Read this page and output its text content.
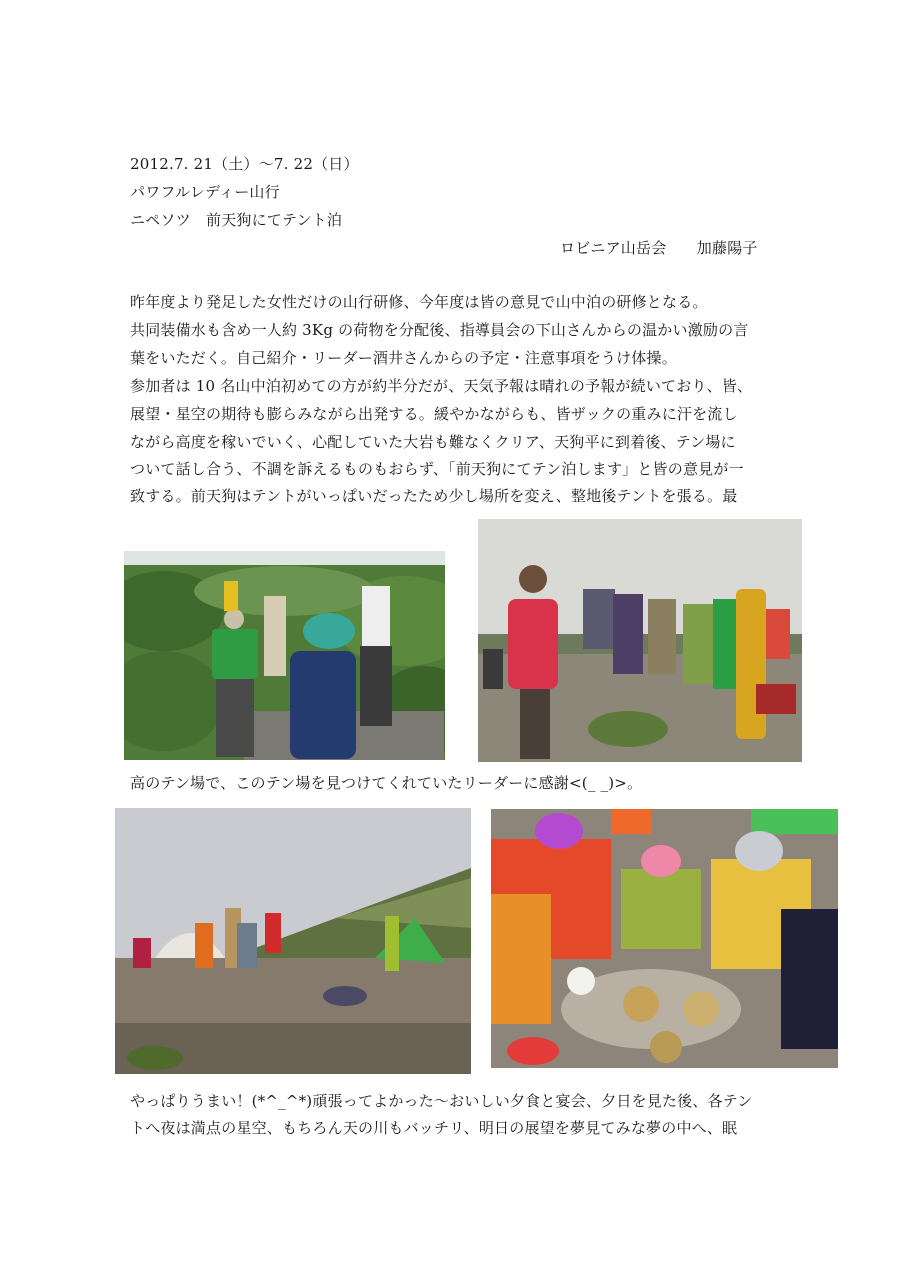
2012.7. 21（土）～7. 22（日）
パワフルレディー山行
ニペソツ　前天狗にてテント泊
ロビニア山岳会　　加藤陽子
昨年度より発足した女性だけの山行研修、今年度は皆の意見で山中泊の研修となる。
共同装備水も含め一人約 3Kg の荷物を分配後、指導員会の下山さんからの温かい激励の言
葉をいただく。自己紹介・リーダー酒井さんからの予定・注意事項をうけ体操。
参加者は 10 名山中泊初めての方が約半分だが、天気予報は晴れの予報が続いており、皆、
展望・星空の期待も膨らみながら出発する。緩やかながらも、皆ザックの重みに汗を流し
ながら高度を稼いでいく、心配していた大岩も難なくクリア、天狗平に到着後、テン場に
ついて話し合う、不調を訴えるものもおらず、「前天狗にてテン泊します」と皆の意見が一
致する。前天狗はテントがいっぱいだったため少し場所を変え、整地後テントを張る。最
高のテン場で、このテン場を見つけてくれていたリーダーに感謝<(_ _)>。
やっぱりうまい！(*^_^*)頑張ってよかった～おいしい夕食と宴会、夕日を見た後、各テン
トへ夜は満点の星空、もちろん天の川もバッチリ、明日の展望を夢見てみな夢の中へ、眠
